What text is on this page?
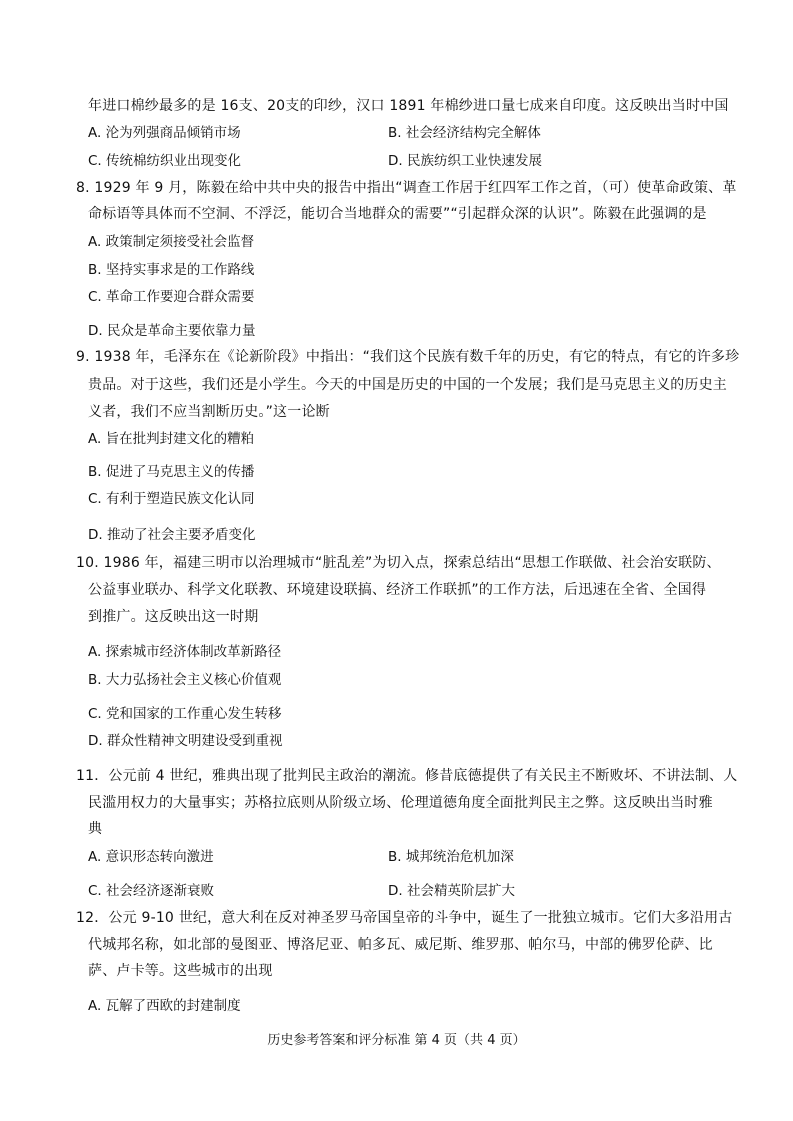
年进口棉纱最多的是 16支、20支的印纱，汉口 1891 年棉纱进口量七成来自印度。这反映出当时中国
A. 沦为列强商品倾销市场	B. 社会经济结构完全解体
C. 传统棉纺织业出现变化	D. 民族纺织工业快速发展
8. 1929 年 9 月，陈毅在给中共中央的报告中指出“调查工作居于红四军工作之首，（可）使革命政策、革
命标语等具体而不空洞、不浮泛，能切合当地群众的需要”“引起群众深的认识”。陈毅在此强调的是
A. 政策制定须接受社会监督
B. 坚持实事求是的工作路线
C. 革命工作要迎合群众需要
D. 民众是革命主要依靠力量
9. 1938 年，毛泽东在《论新阶段》中指出：“我们这个民族有数千年的历史，有它的特点，有它的许多珍
贵品。对于这些，我们还是小学生。今天的中国是历史的中国的一个发展；我们是马克思主义的历史主
义者，我们不应当割断历史。”这一论断
A. 旨在批判封建文化的糟粕
B. 促进了马克思主义的传播
C. 有利于塑造民族文化认同
D. 推动了社会主要矛盾变化
10. 1986 年，福建三明市以治理城市“脏乱差”为切入点，探索总结出“思想工作联做、社会治安联防、
公益事业联办、科学文化联教、环境建设联搞、经济工作联抓”的工作方法，后迅速在全省、全国得
到推广。这反映出这一时期
A. 探索城市经济体制改革新路径
B. 大力弘扬社会主义核心价值观
C. 党和国家的工作重心发生转移
D. 群众性精神文明建设受到重视
11．公元前 4 世纪，雅典出现了批判民主政治的潮流。修昔底德提供了有关民主不断败坏、不讲法制、人
民滥用权力的大量事实；苏格拉底则从阶级立场、伦理道德角度全面批判民主之弊。这反映出当时雅
典
A. 意识形态转向激进	B. 城邦统治危机加深
C. 社会经济逐渐衰败	D. 社会精英阶层扩大
12．公元 9-10 世纪，意大利在反对神圣罗马帝国皇帝的斗争中，诞生了一批独立城市。它们大多沿用古
代城邦名称，如北部的曼图亚、博洛尼亚、帕多瓦、威尼斯、维罗那、帕尔马，中部的佛罗伦萨、比
萨、卢卡等。这些城市的出现
A. 瓦解了西欧的封建制度
历史参考答案和评分标准 第 4 页（共 4 页）
